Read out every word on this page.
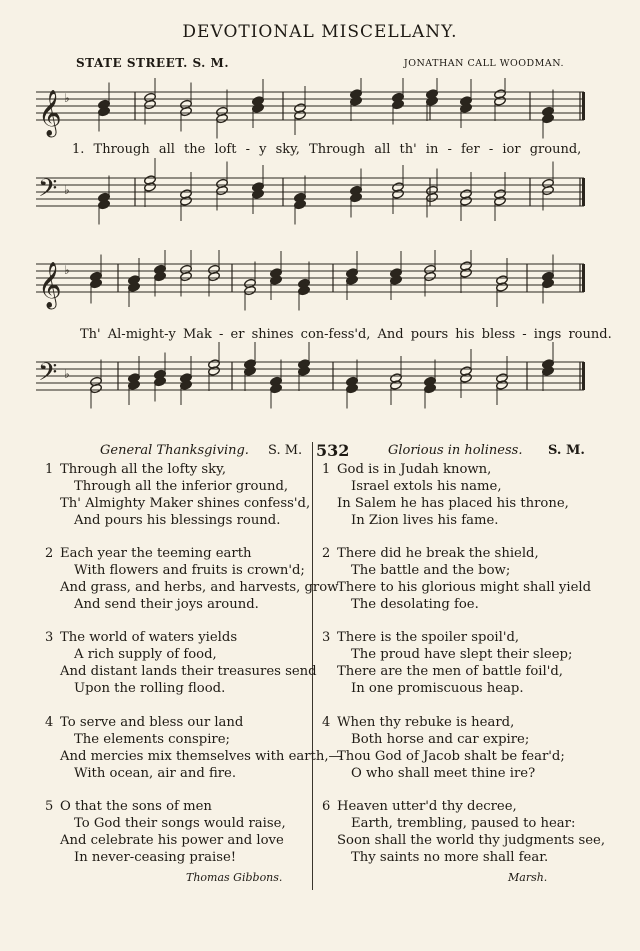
DEVOTIONAL MISCELLANY.
STATE STREET. S. M.	JONATHAN CALL WOODMAN.
𝄞 ♭
𝄢 ♭
1. Through all the loft - y sky, Through all th' in - fer - ior ground,
𝄞 ♭
𝄢 ♭
Th' Al-might-y Mak - er shines con-fess'd, And pours his bless - ings round.
General Thanksgiving. S. M. 532	Glorious in holiness. S. M.
1 Through all the lofty sky,
Through all the inferior ground,
Th' Almighty Maker shines confess'd,
And pours his blessings round.
2 Each year the teeming earth
With flowers and fruits is crown'd;
And grass, and herbs, and harvests, grow
And send their joys around.
3 The world of waters yields
A rich supply of food,
And distant lands their treasures send
Upon the rolling flood.
4 To serve and bless our land
The elements conspire;
And mercies mix themselves with earth,—
With ocean, air and fire.
5 O that the sons of men
To God their songs would raise,
And celebrate his power and love
In never-ceasing praise!
1 God is in Judah known,
Israel extols his name,
In Salem he has placed his throne,
In Zion lives his fame.
2 There did he break the shield,
The battle and the bow;
There to his glorious might shall yield
The desolating foe.
3 There is the spoiler spoil'd,
The proud have slept their sleep;
There are the men of battle foil'd,
In one promiscuous heap.
4 When thy rebuke is heard,
Both horse and car expire;
Thou God of Jacob shalt be fear'd;
O who shall meet thine ire?
6 Heaven utter'd thy decree,
Earth, trembling, paused to hear:
Soon shall the world thy judgments see,
Thy saints no more shall fear.
Thomas Gibbons.	Marsh.
